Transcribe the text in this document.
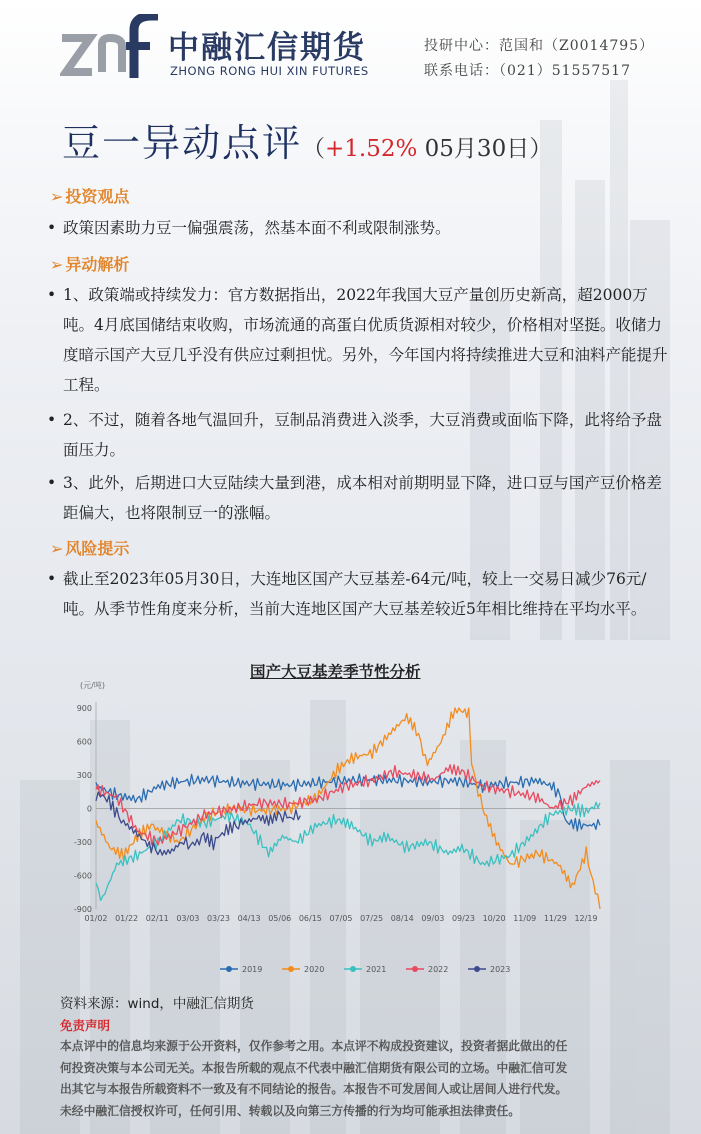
中融汇信期货
ZHONG RONG HUI XIN FUTURES
投研中心：范国和（Z0014795）
联系电话：（021）51557517
豆一异动点评（+1.52% 05月30日）
➢ 投资观点
• 政策因素助力豆一偏强震荡，然基本面不利或限制涨势。
➢ 异动解析
• 1、政策端或持续发力：官方数据指出，2022年我国大豆产量创历史新高，超2000万吨。4月底国储结束收购，市场流通的高蛋白优质货源相对较少，价格相对坚挺。收储力度暗示国产大豆几乎没有供应过剩担忧。另外，今年国内将持续推进大豆和油料产能提升工程。
• 2、不过，随着各地气温回升，豆制品消费进入淡季，大豆消费或面临下降，此将给予盘面压力。
• 3、此外，后期进口大豆陆续大量到港，成本相对前期明显下降，进口豆与国产豆价格差距偏大，也将限制豆一的涨幅。
➢ 风险提示
• 截止至2023年05月30日，大连地区国产大豆基差-64元/吨，较上一交易日减少76元/吨。从季节性角度来分析，当前大连地区国产大豆基差较近5年相比维持在平均水平。
国产大豆基差季节性分析
(元/吨)
900
600
300
0
-300
-600
-900
01/02 01/22 02/11 03/03 03/23 04/13 05/06 06/15 07/05 07/25 08/14 09/03 09/23 10/20 11/09 11/29 12/19
2019	2020	2021	2022	2023
资料来源：wind，中融汇信期货
免责声明
本点评中的信息均来源于公开资料，仅作参考之用。本点评不构成投资建议，投资者据此做出的任
何投资决策与本公司无关。本报告所载的观点不代表中融汇信期货有限公司的立场。中融汇信可发
出其它与本报告所载资料不一致及有不同结论的报告。本报告不可发居间人或让居间人进行代发。
未经中融汇信授权许可，任何引用、转载以及向第三方传播的行为均可能承担法律责任。
